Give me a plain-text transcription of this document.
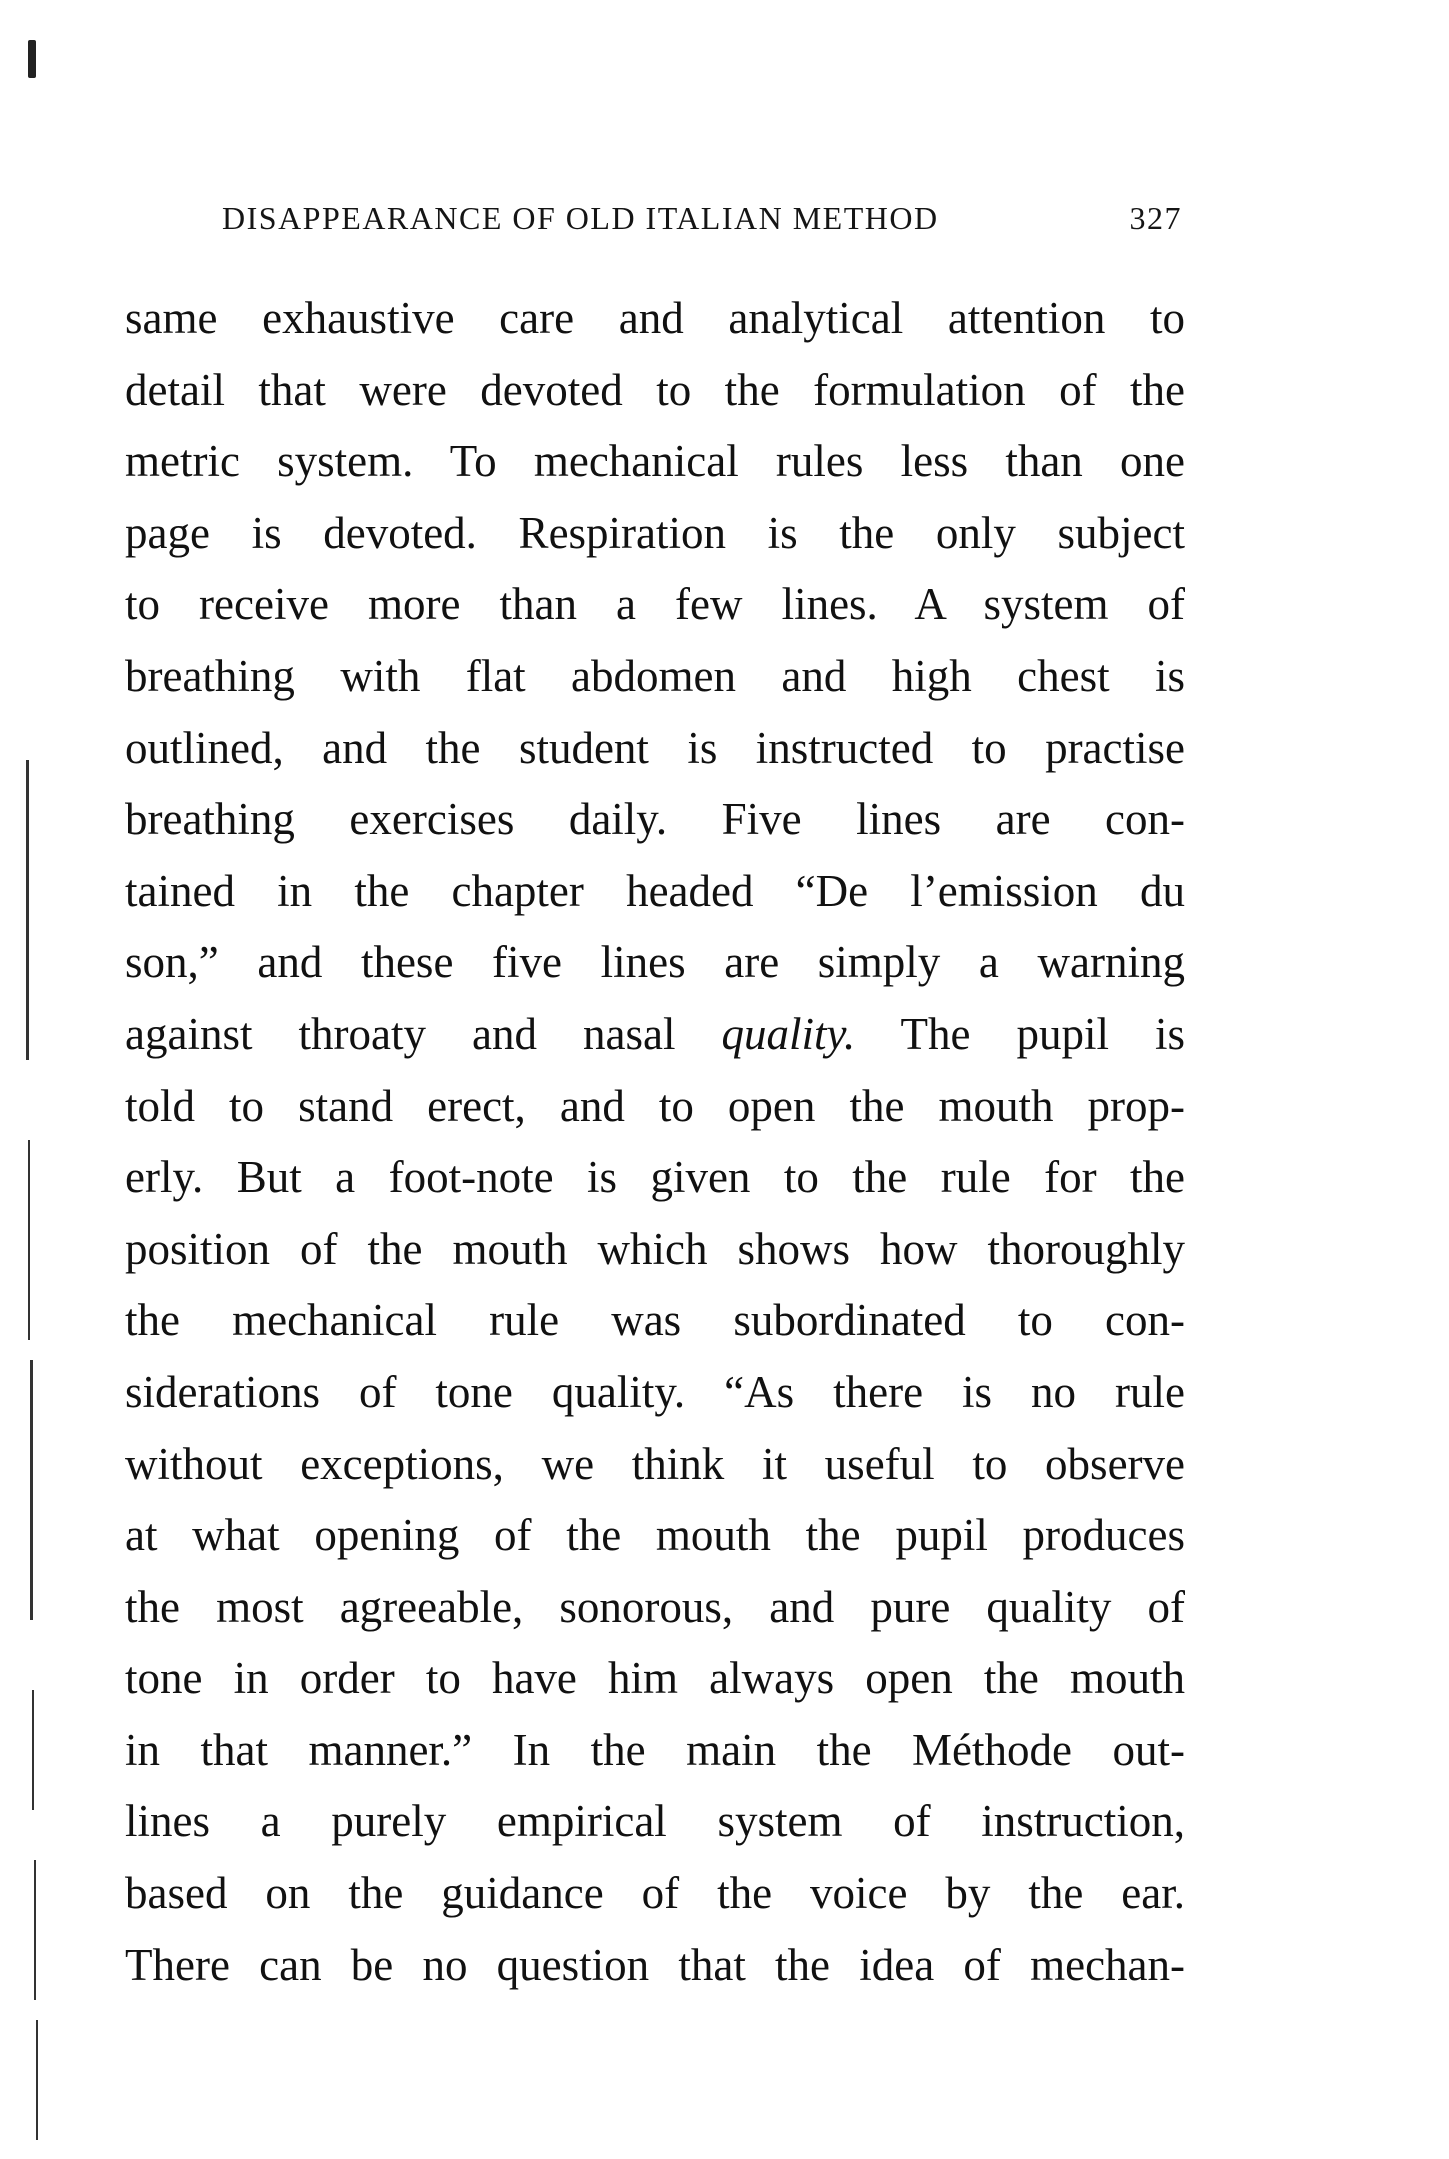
DISAPPEARANCE OF OLD ITALIAN METHOD	327
same exhaustive care and analytical attention to
detail that were devoted to the formulation of the
metric system. To mechanical rules less than one
page is devoted. Respiration is the only subject
to receive more than a few lines. A system of
breathing with flat abdomen and high chest is
outlined, and the student is instructed to practise
breathing exercises daily. Five lines are con-
tained in the chapter headed “De l’emission du
son,” and these five lines are simply a warning
against throaty and nasal quality. The pupil is
told to stand erect, and to open the mouth prop-
erly. But a foot-note is given to the rule for the
position of the mouth which shows how thoroughly
the mechanical rule was subordinated to con-
siderations of tone quality. “As there is no rule
without exceptions, we think it useful to observe
at what opening of the mouth the pupil produces
the most agreeable, sonorous, and pure quality of
tone in order to have him always open the mouth
in that manner.” In the main the Méthode out-
lines a purely empirical system of instruction,
based on the guidance of the voice by the ear.
There can be no question that the idea of mechan-
